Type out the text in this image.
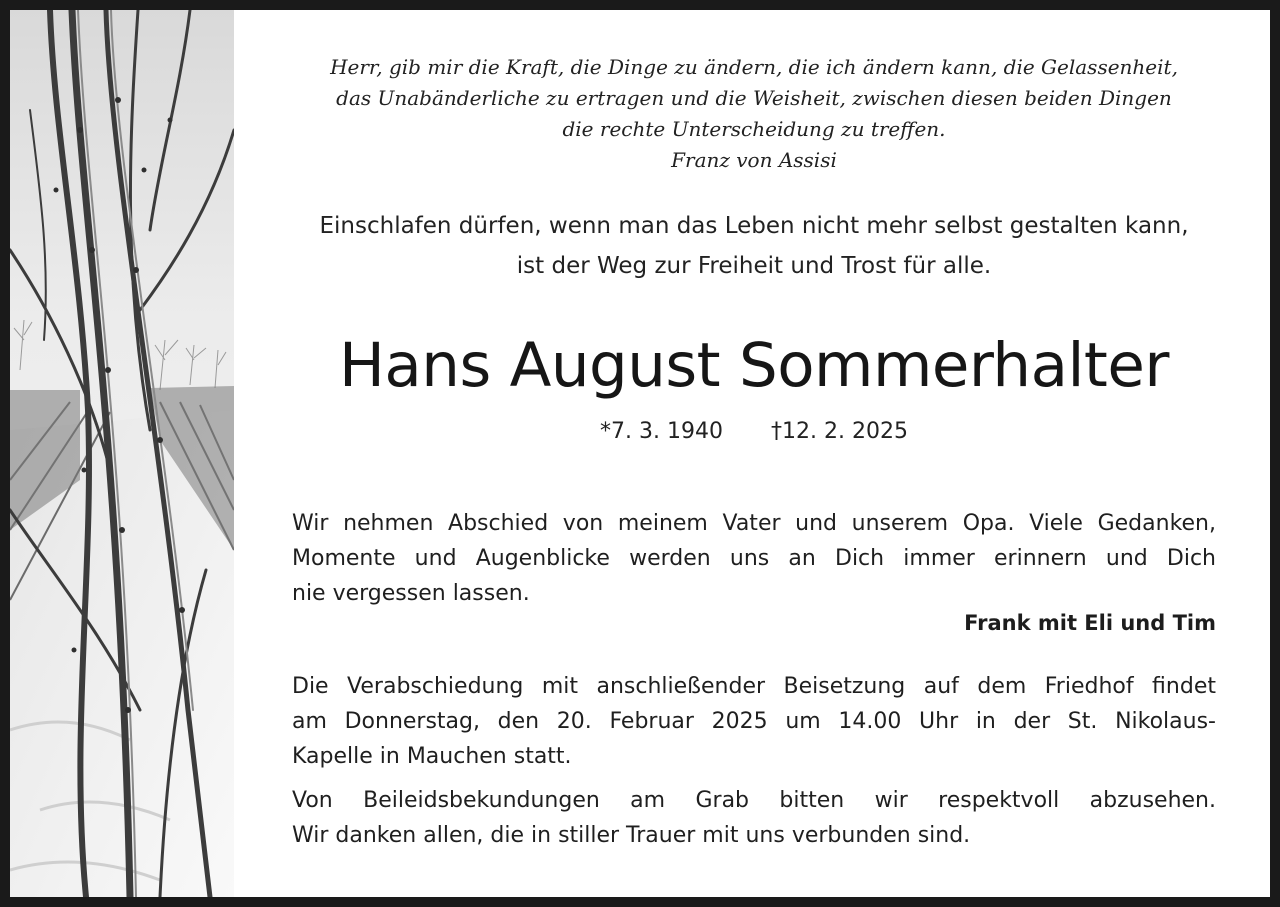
Herr, gib mir die Kraft, die Dinge zu ändern, die ich ändern kann, die Gelassenheit,
das Unabänderliche zu ertragen und die Weisheit, zwischen diesen beiden Dingen
die rechte Unterscheidung zu treffen.
Franz von Assisi
Einschlafen dürfen, wenn man das Leben nicht mehr selbst gestalten kann,
ist der Weg zur Freiheit und Trost für alle.
Hans August Sommerhalter
*7. 3. 1940 †12. 2. 2025
Wir nehmen Abschied von meinem Vater und unserem Opa. Viele Gedanken,
Momente und Augenblicke werden uns an Dich immer erinnern und Dich
nie vergessen lassen.
Frank mit Eli und Tim
Die Verabschiedung mit anschließender Beisetzung auf dem Friedhof findet
am Donnerstag, den 20. Februar 2025 um 14.00 Uhr in der St. Nikolaus-
Kapelle in Mauchen statt.
Von Beileidsbekundungen am Grab bitten wir respektvoll abzusehen.
Wir danken allen, die in stiller Trauer mit uns verbunden sind.
